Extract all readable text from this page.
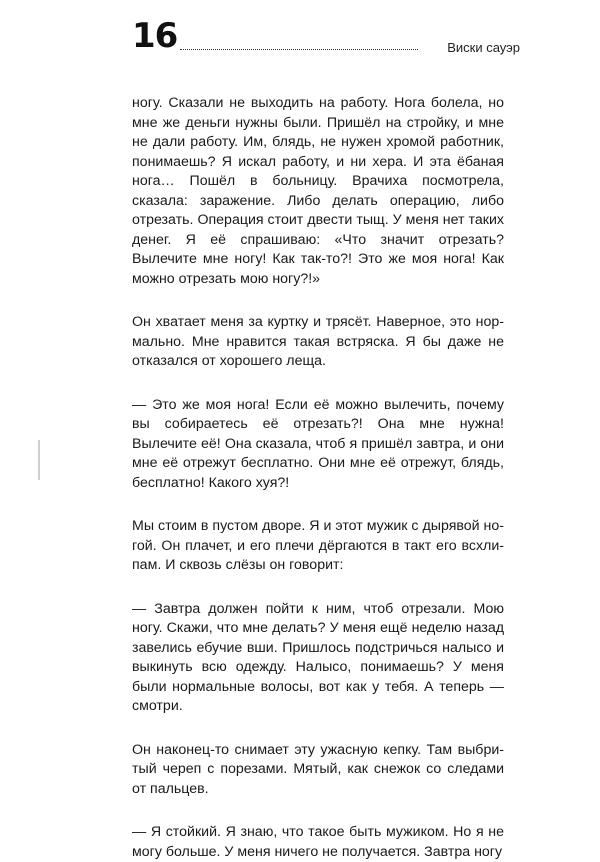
16	Виски сауэр

ногу. Сказали не выходить на работу. Нога болела, но мне же деньги нужны были. Пришёл на стройку, и мне не дали работу. Им, блядь, не нужен хромой работник, понимаешь? Я искал работу, и ни хера. И эта ёбаная нога… Пошёл в больницу. Врачиха посмотрела, сказала: заражение. Либо делать операцию, либо отрезать. Операция стоит двести тыщ. У меня нет таких денег. Я её спрашиваю: «Что значит отрезать? Вылечите мне ногу! Как так-то?! Это же моя нога! Как можно отрезать мою ногу?!»

Он хватает меня за куртку и трясёт. Наверное, это нормально. Мне нравится такая встряска. Я бы даже не отказался от хорошего леща.

— Это же моя нога! Если её можно вылечить, почему вы собираетесь её отрезать?! Она мне нужна! Вылечите её! Она сказала, чтоб я пришёл завтра, и они мне её отрежут бесплатно. Они мне её отрежут, блядь, бесплатно! Какого хуя?!

Мы стоим в пустом дворе. Я и этот мужик с дырявой ногой. Он плачет, и его плечи дёргаются в такт его всхлипам. И сквозь слёзы он говорит:

— Завтра должен пойти к ним, чтоб отрезали. Мою ногу. Скажи, что мне делать? У меня ещё неделю назад завелись ебучие вши. Пришлось подстричься налысо и выкинуть всю одежду. Налысо, понимаешь? У меня были нормальные волосы, вот как у тебя. А теперь — смотри.

Он наконец-то снимает эту ужасную кепку. Там выбритый череп с порезами. Мятый, как снежок со следами от пальцев.

— Я стойкий. Я знаю, что такое быть мужиком. Но я не могу больше. У меня ничего не получается. Завтра ногу
